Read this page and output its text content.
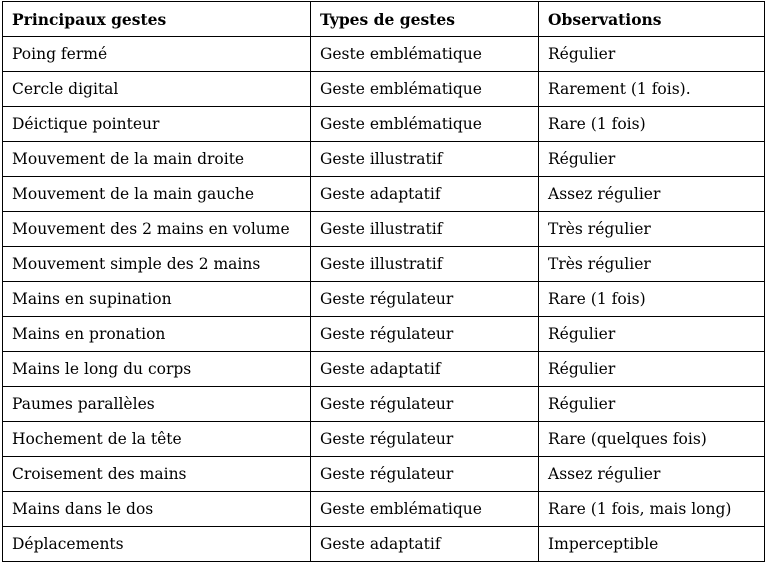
Principaux gestes	Types de gestes	Observations
Poing fermé	Geste emblématique	Régulier
Cercle digital	Geste emblématique	Rarement (1 fois).
Déictique pointeur	Geste emblématique	Rare (1 fois)
Mouvement de la main droite	Geste illustratif	Régulier
Mouvement de la main gauche	Geste adaptatif	Assez régulier
Mouvement des 2 mains en volume	Geste illustratif	Très régulier
Mouvement simple des 2 mains	Geste illustratif	Très régulier
Mains en supination	Geste régulateur	Rare (1 fois)
Mains en pronation	Geste régulateur	Régulier
Mains le long du corps	Geste adaptatif	Régulier
Paumes parallèles	Geste régulateur	Régulier
Hochement de la tête	Geste régulateur	Rare (quelques fois)
Croisement des mains	Geste régulateur	Assez régulier
Mains dans le dos	Geste emblématique	Rare (1 fois, mais long)
Déplacements	Geste adaptatif	Imperceptible
